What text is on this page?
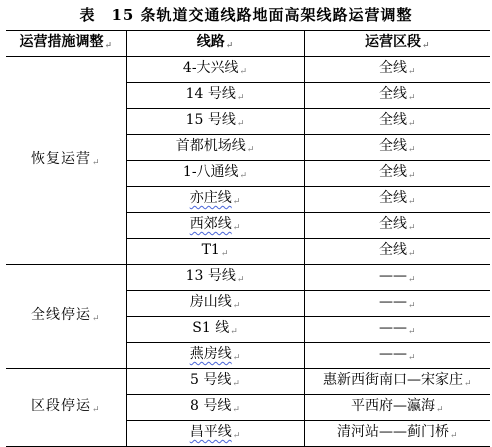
表　15 条轨道交通线路地面高架线路运营调整
运营措施调整↵	线路↵	运营区段↵
恢复运营↵	4-大兴线↵	全线↵
	14 号线↵	全线↵
	15 号线↵	全线↵
	首都机场线↵	全线↵
	1-八通线↵	全线↵
	亦庄线↵	全线↵
	西郊线↵	全线↵
	T1↵	全线↵
全线停运↵	13 号线↵	——↵
	房山线↵	——↵
	S1 线↵	——↵
	燕房线↵	——↵
区段停运↵	5 号线↵	惠新西街南口—宋家庄↵
	8 号线↵	平西府—瀛海↵
	昌平线↵	清河站——蓟门桥↵
